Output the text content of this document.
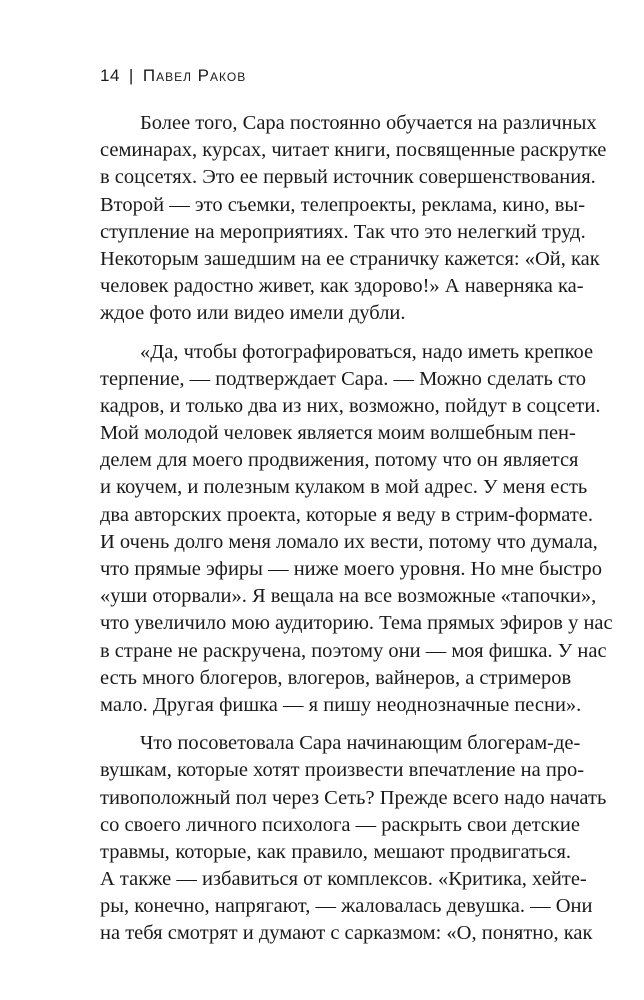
14 | Павел Раков
Более того, Сара постоянно обучается на различных
семинарах, курсах, читает книги, посвященные раскрутке
в соцсетях. Это ее первый источник совершенствования.
Второй — это съемки, телепроекты, реклама, кино, вы-
ступление на мероприятиях. Так что это нелегкий труд.
Некоторым зашедшим на ее страничку кажется: «Ой, как
человек радостно живет, как здорово!» А наверняка ка-
ждое фото или видео имели дубли.
«Да, чтобы фотографироваться, надо иметь крепкое
терпение, — подтверждает Сара. — Можно сделать сто
кадров, и только два из них, возможно, пойдут в соцсети.
Мой молодой человек является моим волшебным пен-
делем для моего продвижения, потому что он является
и коучем, и полезным кулаком в мой адрес. У меня есть
два авторских проекта, которые я веду в стрим-формате.
И очень долго меня ломало их вести, потому что думала,
что прямые эфиры — ниже моего уровня. Но мне быстро
«уши оторвали». Я вещала на все возможные «тапочки»,
что увеличило мою аудиторию. Тема прямых эфиров у нас
в стране не раскручена, поэтому они — моя фишка. У нас
есть много блогеров, влогеров, вайнеров, а стримеров
мало. Другая фишка — я пишу неоднозначные песни».
Что посоветовала Сара начинающим блогерам-де-
вушкам, которые хотят произвести впечатление на про-
тивоположный пол через Сеть? Прежде всего надо начать
со своего личного психолога — раскрыть свои детские
травмы, которые, как правило, мешают продвигаться.
А также — избавиться от комплексов. «Критика, хейте-
ры, конечно, напрягают, — жаловалась девушка. — Они
на тебя смотрят и думают с сарказмом: «О, понятно, как
